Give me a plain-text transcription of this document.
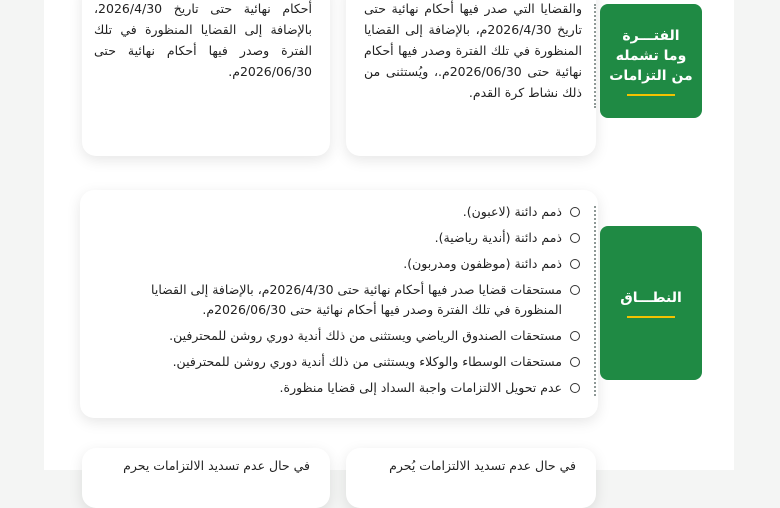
أحكام نهائية حتى تاريخ 2026/4/30، بالإضافة إلى القضايا المنظورة في تلك الفترة وصدر فيها أحكام نهائية حتى 2026/06/30م.
والقضايا التي صدر فيها أحكام نهائية حتى تاريخ 2026/4/30م، بالإضافة إلى القضايا المنظورة في تلك الفترة وصدر فيها أحكام نهائية حتى 2026/06/30م.، ويُستثنى من ذلك نشاط كرة القدم.
الفتـــرة
وما تشمله
من التزامات
ذمم دائنة (لاعبون).
ذمم دائنة (أندية رياضية).
ذمم دائنة (موظفون ومدربون).
مستحقات قضايا صدر فيها أحكام نهائية حتى 2026/4/30م، بالإضافة إلى القضايا المنظورة في تلك الفترة وصدر فيها أحكام نهائية حتى 2026/06/30م.
مستحقات الصندوق الرياضي ويستثنى من ذلك أندية دوري روشن للمحترفين.
مستحقات الوسطاء والوكلاء ويستثنى من ذلك أندية دوري روشن للمحترفين.
عدم تحويل الالتزامات واجبة السداد إلى قضايا منظورة.
النطـــاق
في حال عدم تسديد الالتزامات يحرم	في حال عدم تسديد الالتزامات يُحرم
